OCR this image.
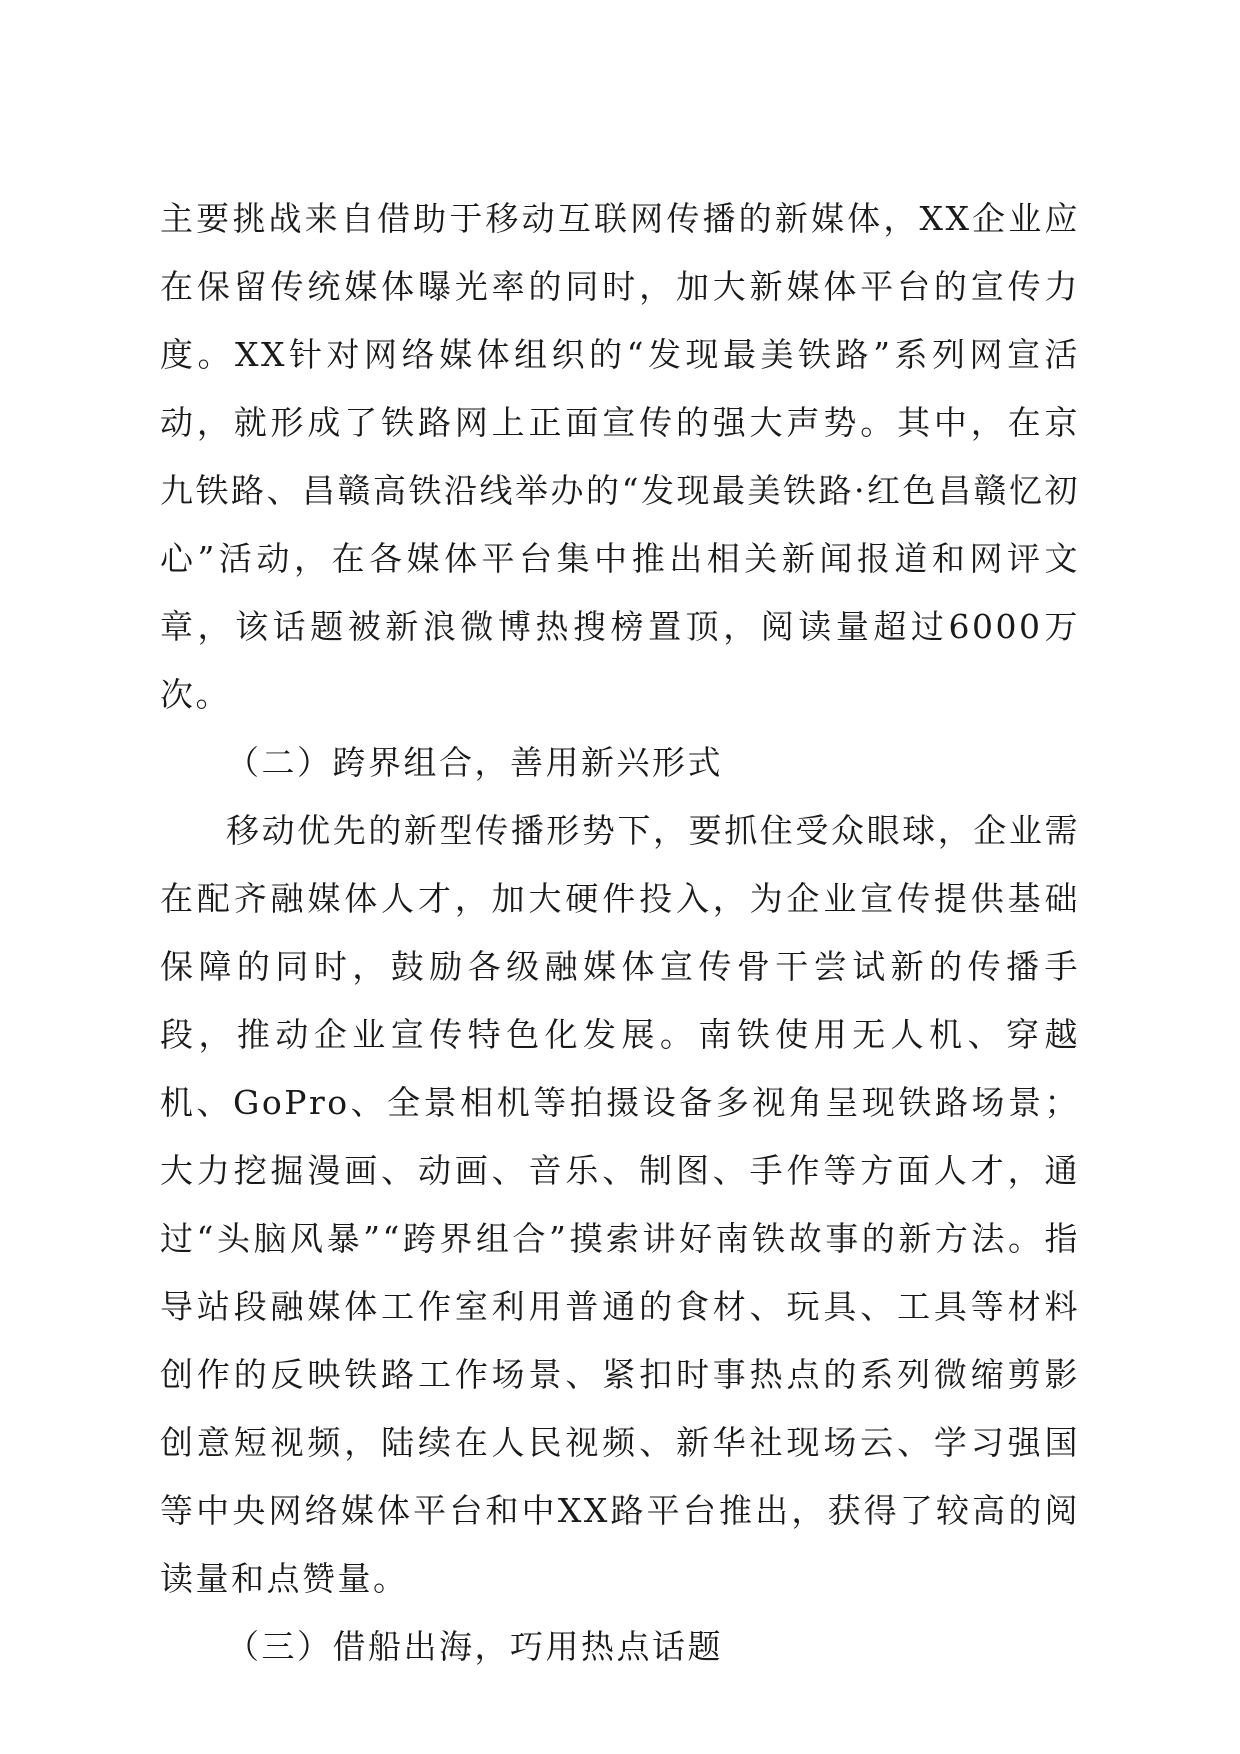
主要挑战来自借助于移动互联网传播的新媒体，XX企业应在保留传统媒体曝光率的同时，加大新媒体平台的宣传力度。XX针对网络媒体组织的“发现最美铁路”系列网宣活动，就形成了铁路网上正面宣传的强大声势。其中，在京九铁路、昌赣高铁沿线举办的“发现最美铁路·红色昌赣忆初心”活动，在各媒体平台集中推出相关新闻报道和网评文章，该话题被新浪微博热搜榜置顶，阅读量超过6000万次。

（二）跨界组合，善用新兴形式

移动优先的新型传播形势下，要抓住受众眼球，企业需在配齐融媒体人才，加大硬件投入，为企业宣传提供基础保障的同时，鼓励各级融媒体宣传骨干尝试新的传播手段，推动企业宣传特色化发展。南铁使用无人机、穿越机、GoPro、全景相机等拍摄设备多视角呈现铁路场景；大力挖掘漫画、动画、音乐、制图、手作等方面人才，通过“头脑风暴”“跨界组合”摸索讲好南铁故事的新方法。指导站段融媒体工作室利用普通的食材、玩具、工具等材料创作的反映铁路工作场景、紧扣时事热点的系列微缩剪影创意短视频，陆续在人民视频、新华社现场云、学习强国等中央网络媒体平台和中XX路平台推出，获得了较高的阅读量和点赞量。

（三）借船出海，巧用热点话题
